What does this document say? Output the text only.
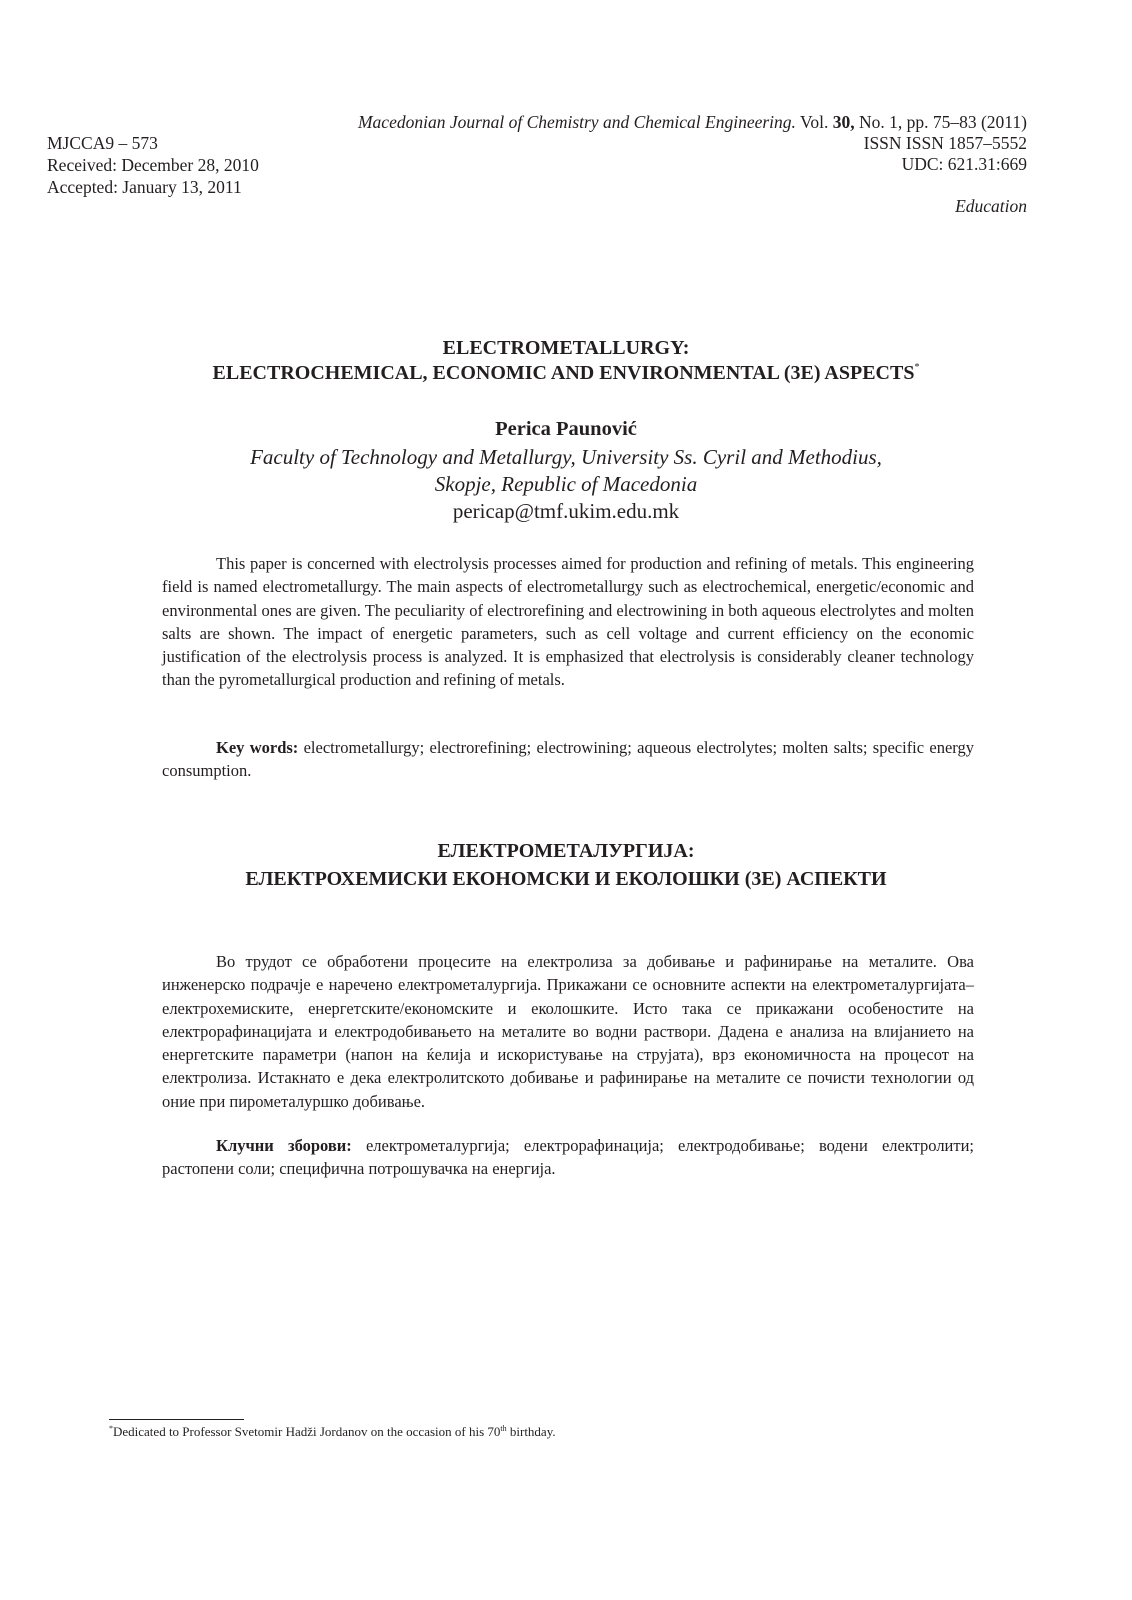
Macedonian Journal of Chemistry and Chemical Engineering. Vol. 30, No. 1, pp. 75–83 (2011)
ISSN ISSN 1857–5552
UDC: 621.31:669
Education
MJCCA9 – 573
Received: December 28, 2010
Accepted: January 13, 2011
ELECTROMETALLURGY:
ELECTROCHEMICAL, ECONOMIC AND ENVIRONMENTAL (3E) ASPECTS*
Perica Paunović
Faculty of Technology and Metallurgy, University Ss. Cyril and Methodius,
Skopje, Republic of Macedonia
pericap@tmf.ukim.edu.mk
This paper is concerned with electrolysis processes aimed for production and refining of metals. This engineering field is named electrometallurgy. The main aspects of electrometallurgy such as electrochemical, energetic/economic and environmental ones are given. The peculiarity of electrorefining and electrowining in both aqueous electrolytes and molten salts are shown. The impact of energetic parameters, such as cell voltage and current efficiency on the economic justification of the electrolysis process is analyzed. It is emphasized that electrolysis is considerably cleaner technology than the pyrometallurgical production and refining of metals.
Key words: electrometallurgy; electrorefining; electrowining; aqueous electrolytes; molten salts; specific energy consumption.
ЕЛЕКТРОМЕТАЛУРГИЈА:
ЕЛЕКТРОХЕМИСКИ ЕКОНОМСКИ И ЕКОЛОШКИ (3Е) АСПЕКТИ
Во трудот се обработени процесите на електролиза за добивање и рафинирање на металите. Ова инженерско подрачје е наречено електрометалургија. Прикажани се основните аспекти на електрометалургијата–електрохемиските, енергетските/економските и еколошките. Исто така се прикажани особеностите на електрорафинацијата и електродобивањето на металите во водни раствори. Дадена е анализа на влијанието на енергетските параметри (напон на ќелија и искористување на струјата), врз економичноста на процесот на електролиза. Истакнато е дека електролитското добивање и рафинирање на металите се почисти технологии од оние при пирометалуршко добивање.
Клучни зборови: електрометалургија; електрорафинација; електродобивање; водени електролити; растопени соли; специфична потрошувачка на енергија.
*Dedicated to Professor Svetomir Hadži Jordanov on the occasion of his 70th birthday.
